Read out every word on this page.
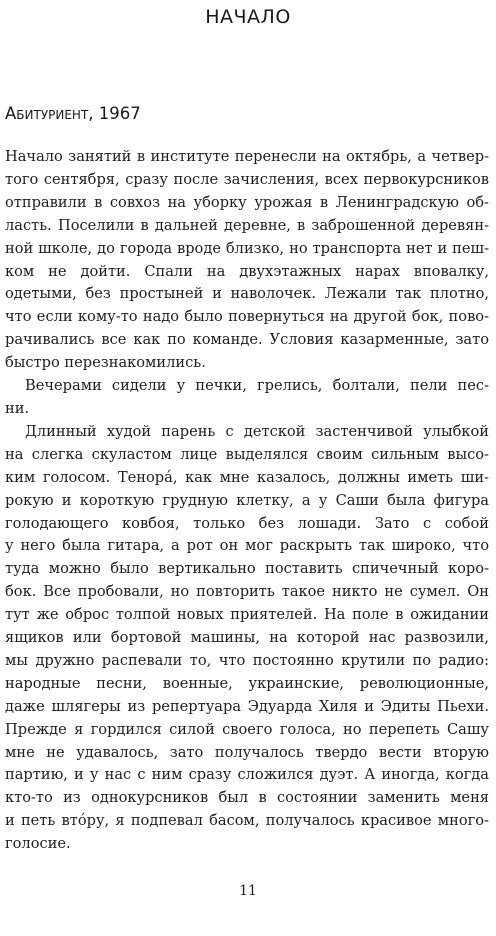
НАЧАЛО
Абитуриент, 1967
Начало занятий в институте перенесли на октябрь, а четвер-
того сентября, сразу после зачисления, всех первокурсников
отправили в совхоз на уборку урожая в Ленинградскую об-
ласть. Поселили в дальней деревне, в заброшенной деревян-
ной школе, до города вроде близко, но транспорта нет и пеш-
ком не дойти. Спали на двухэтажных нарах вповалку,
одетыми, без простыней и наволочек. Лежали так плотно,
что если кому-то надо было повернуться на другой бок, пово-
рачивались все как по команде. Условия казарменные, зато
быстро перезнакомились.
Вечерами сидели у печки, грелись, болтали, пели пес-
ни.
Длинный худой парень с детской застенчивой улыбкой
на слегка скуластом лице выделялся своим сильным высо-
ким голосом. Тенорá, как мне казалось, должны иметь ши-
рокую и короткую грудную клетку, а у Саши была фигура
голодающего ковбоя, только без лошади. Зато с собой
у него была гитара, а рот он мог раскрыть так широко, что
туда можно было вертикально поставить спичечный коро-
бок. Все пробовали, но повторить такое никто не сумел. Он
тут же оброс толпой новых приятелей. На поле в ожидании
ящиков или бортовой машины, на которой нас развозили,
мы дружно распевали то, что постоянно крутили по радио:
народные песни, военные, украинские, революционные,
даже шлягеры из репертуара Эдуарда Хиля и Эдиты Пьехи.
Прежде я гордился силой своего голоса, но перепеть Сашу
мне не удавалось, зато получалось твердо вести вторую
партию, и у нас с ним сразу сложился дуэт. А иногда, когда
кто-то из однокурсников был в состоянии заменить меня
и петь втóру, я подпевал басом, получалось красивое много-
голосие.
11
